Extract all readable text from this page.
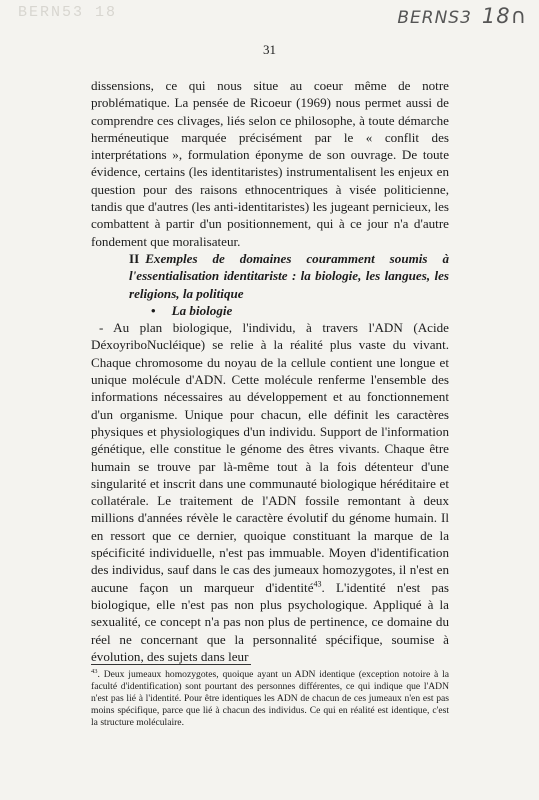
BERN53 18	BERNS3 18∩
31

dissensions, ce qui nous situe au coeur même de notre problématique. La pensée de Ricoeur (1969) nous permet aussi de comprendre ces clivages, liés selon ce philosophe, à toute démarche herméneutique marquée précisément par le « conflit des interprétations », formulation éponyme de son ouvrage. De toute évidence, certains (les identitaristes) instrumentalisent les enjeux en question pour des raisons ethnocentriques à visée politicienne, tandis que d'autres (les anti-identitaristes) les jugeant pernicieux, les combattent à partir d'un positionnement, qui à ce jour n'a d'autre fondement que moralisateur.

II Exemples de domaines couramment soumis à l'essentialisation identitariste : la biologie, les langues, les religions, la politique

• La biologie

- Au plan biologique, l'individu, à travers l'ADN (Acide DéxoyriboNucléique) se relie à la réalité plus vaste du vivant. Chaque chromosome du noyau de la cellule contient une longue et unique molécule d'ADN. Cette molécule renferme l'ensemble des informations nécessaires au développement et au fonctionnement d'un organisme. Unique pour chacun, elle définit les caractères physiques et physiologiques d'un individu. Support de l'information génétique, elle constitue le génome des êtres vivants. Chaque être humain se trouve par là-même tout à la fois détenteur d'une singularité et inscrit dans une communauté biologique héréditaire et collatérale. Le traitement de l'ADN fossile remontant à deux millions d'années révèle le caractère évolutif du génome humain. Il en ressort que ce dernier, quoique constituant la marque de la spécificité individuelle, n'est pas immuable. Moyen d'identification des individus, sauf dans le cas des jumeaux homozygotes, il n'est en aucune façon un marqueur d'identité$^{43}$. L'identité n'est pas biologique, elle n'est pas non plus psychologique. Appliqué à la sexualité, ce concept n'a pas non plus de pertinence, ce domaine du réel ne concernant que la personnalité spécifique, soumise à évolution, des sujets dans leur

$^{43}$. Deux jumeaux homozygotes, quoique ayant un ADN identique (exception notoire à la faculté d'identification) sont pourtant des personnes différentes, ce qui indique que l'ADN n'est pas lié à l'identité. Pour être identiques les ADN de chacun de ces jumeaux n'en est pas moins spécifique, parce que lié à chacun des individus. Ce qui en réalité est identique, c'est la structure moléculaire.
